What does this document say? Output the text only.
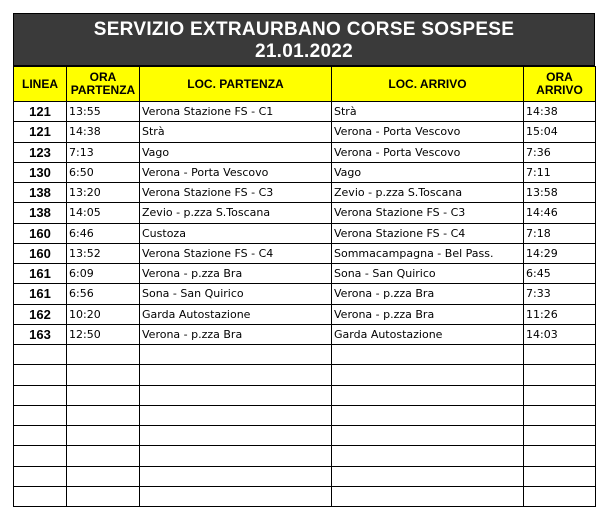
SERVIZIO EXTRAURBANO CORSE SOSPESE
21.01.2022
LINEA	ORA PARTENZA	LOC. PARTENZA	LOC. ARRIVO	ORA ARRIVO
121	13:55	Verona Stazione FS - C1	Strà	14:38
121	14:38	Strà	Verona - Porta Vescovo	15:04
123	7:13	Vago	Verona - Porta Vescovo	7:36
130	6:50	Verona - Porta Vescovo	Vago	7:11
138	13:20	Verona Stazione FS - C3	Zevio - p.zza S.Toscana	13:58
138	14:05	Zevio - p.zza S.Toscana	Verona Stazione FS - C3	14:46
160	6:46	Custoza	Verona Stazione FS - C4	7:18
160	13:52	Verona Stazione FS - C4	Sommacampagna - Bel Pass.	14:29
161	6:09	Verona - p.zza Bra	Sona - San Quirico	6:45
161	6:56	Sona - San Quirico	Verona - p.zza Bra	7:33
162	10:20	Garda Autostazione	Verona - p.zza Bra	11:26
163	12:50	Verona - p.zza Bra	Garda Autostazione	14:03
